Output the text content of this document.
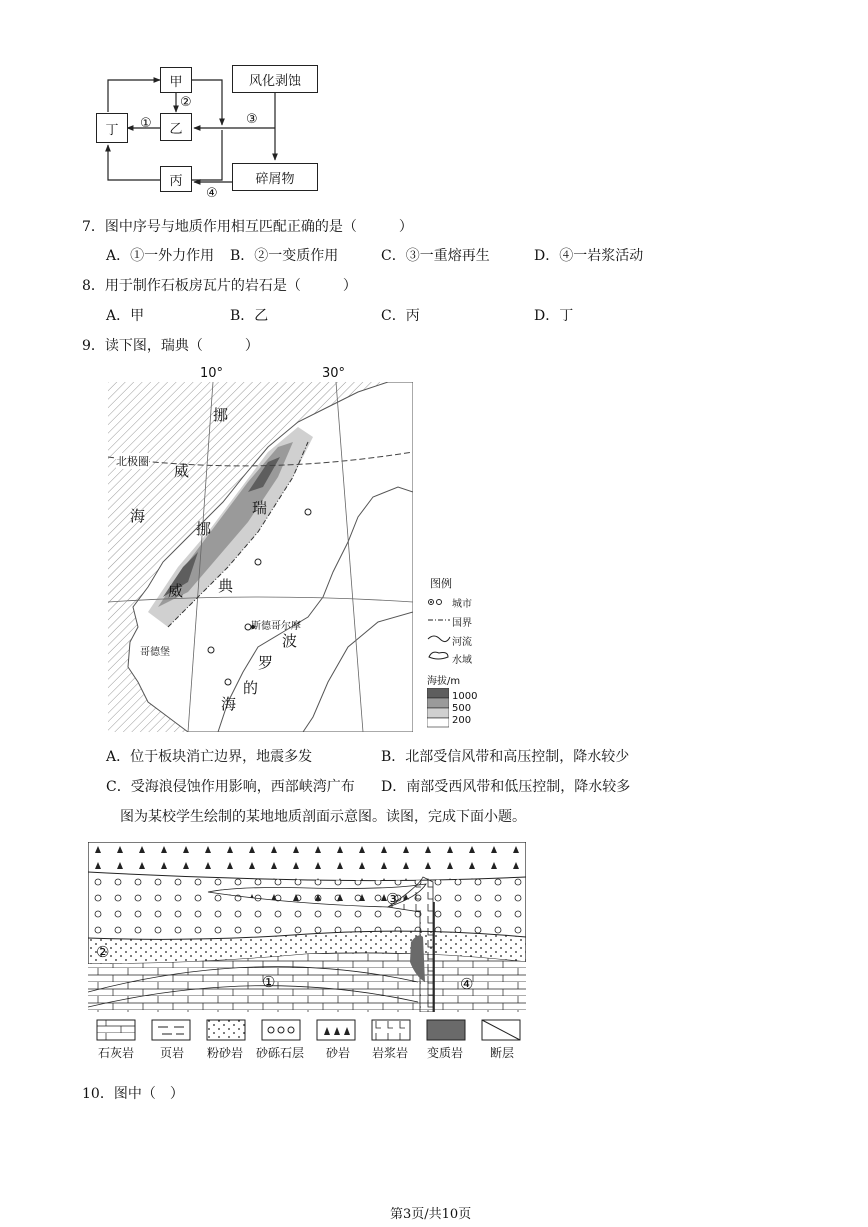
甲
乙
丙
丁
风化剥蚀
碎屑物
①
②
③
④
7．图中序号与地质作用相互匹配正确的是（　　　）
A．①一外力作用 B．②一变质作用	C．③一重熔再生	D．④一岩浆活动
8．用于制作石板房瓦片的岩石是（　　　）
A．甲	B．乙	C．丙	D．丁
9．读下图，瑞典（　　　）
10°	30°
挪
威
海
北极圈
挪
威
瑞
典
波
罗
的
海
斯德哥尔摩
哥德堡
图例
城市
国界
河流
水域
海拔/m
1000
500
200
A．位于板块消亡边界，地震多发	B．北部受信风带和高压控制，降水较少
C．受海浪侵蚀作用影响，西部峡湾广布 D．南部受西风带和低压控制，降水较多
图为某校学生绘制的某地地质剖面示意图。读图，完成下面小题。
①
②
③
④
石灰岩 页岩 粉砂岩 砂砾石层 砂岩 岩浆岩 变质岩 断层
10．图中（　）
第3页/共10页
